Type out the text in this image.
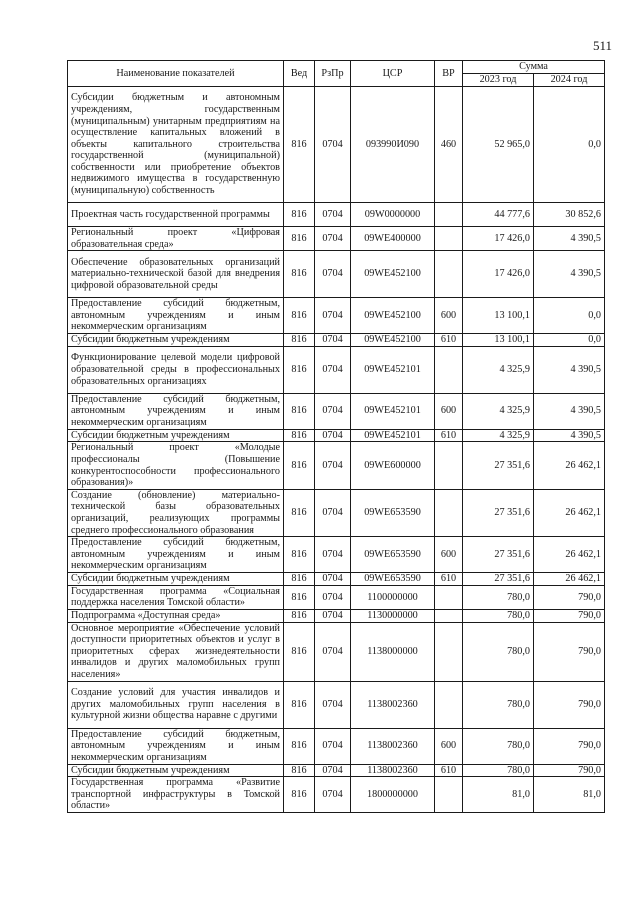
511
Наименование показателей	Вед	РзПр	ЦСР	ВР	Сумма	
					2023 год	2024 год
Субсидии бюджетным и автономным учреждениям, государственным (муниципальным) унитарным предприятиям на осуществление капитальных вложений в объекты капитального строительства государственной (муниципальной) собственности или приобретение объектов недвижимого имущества в государственную (муниципальную) собственность	816	0704	093990И090	460	52 965,0	0,0
Проектная часть государственной программы	816	0704	09W0000000		44 777,6	30 852,6
Региональный проект «Цифровая образовательная среда»	816	0704	09WE400000		17 426,0	4 390,5
Обеспечение образовательных организаций материально-технической базой для внедрения цифровой образовательной среды	816	0704	09WE452100		17 426,0	4 390,5
Предоставление субсидий бюджетным, автономным учреждениям и иным некоммерческим организациям	816	0704	09WE452100	600	13 100,1	0,0
Субсидии бюджетным учреждениям	816	0704	09WE452100	610	13 100,1	0,0
Функционирование целевой модели цифровой образовательной среды в профессиональных образовательных организациях	816	0704	09WE452101		4 325,9	4 390,5
Предоставление субсидий бюджетным, автономным учреждениям и иным некоммерческим организациям	816	0704	09WE452101	600	4 325,9	4 390,5
Субсидии бюджетным учреждениям	816	0704	09WE452101	610	4 325,9	4 390,5
Региональный проект «Молодые профессионалы (Повышение конкурентоспособности профессионального образования)»	816	0704	09WE600000		27 351,6	26 462,1
Создание (обновление) материально-технической базы образовательных организаций, реализующих программы среднего профессионального образования	816	0704	09WE653590		27 351,6	26 462,1
Предоставление субсидий бюджетным, автономным учреждениям и иным некоммерческим организациям	816	0704	09WE653590	600	27 351,6	26 462,1
Субсидии бюджетным учреждениям	816	0704	09WE653590	610	27 351,6	26 462,1
Государственная программа «Социальная поддержка населения Томской области»	816	0704	1100000000		780,0	790,0
Подпрограмма «Доступная среда»	816	0704	1130000000		780,0	790,0
Основное мероприятие «Обеспечение условий доступности приоритетных объектов и услуг в приоритетных сферах жизнедеятельности инвалидов и других маломобильных групп населения»	816	0704	1138000000		780,0	790,0
Создание условий для участия инвалидов и других маломобильных групп населения в культурной жизни общества наравне с другими	816	0704	1138002360		780,0	790,0
Предоставление субсидий бюджетным, автономным учреждениям и иным некоммерческим организациям	816	0704	1138002360	600	780,0	790,0
Субсидии бюджетным учреждениям	816	0704	1138002360	610	780,0	790,0
Государственная программа «Развитие транспортной инфраструктуры в Томской области»	816	0704	1800000000		81,0	81,0
